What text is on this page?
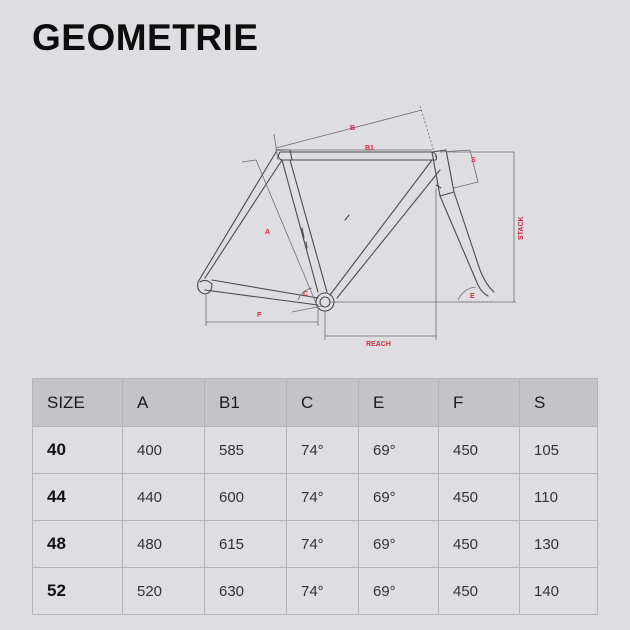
GEOMETRIE
B
B1
S
A
C	E
F
REACH
STACK
SIZE	A	B1	C	E	F	S
40	400	585	74°	69°	450	105
44	440	600	74°	69°	450	110
48	480	615	74°	69°	450	130
52	520	630	74°	69°	450	140
